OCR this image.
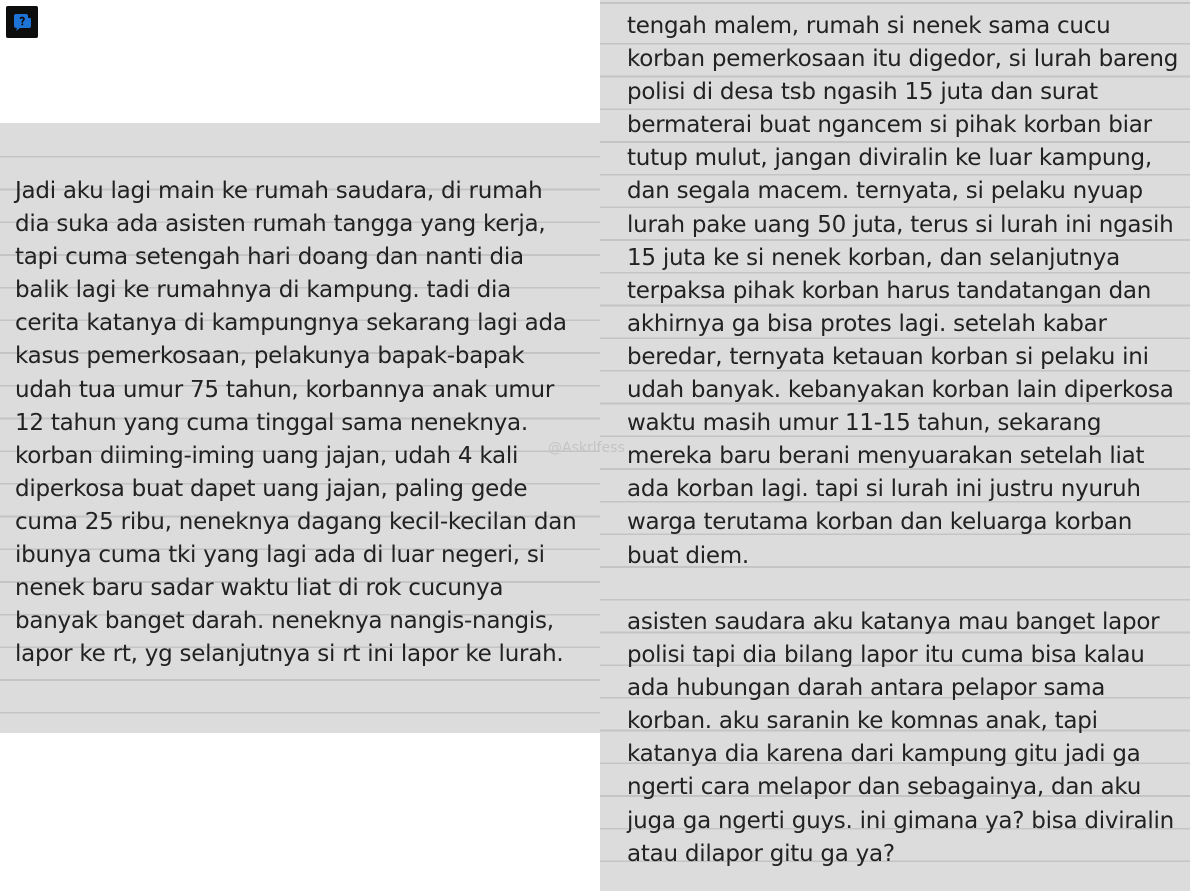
Jadi aku lagi main ke rumah saudara, di rumah
dia suka ada asisten rumah tangga yang kerja,
tapi cuma setengah hari doang dan nanti dia
balik lagi ke rumahnya di kampung. tadi dia
cerita katanya di kampungnya sekarang lagi ada
kasus pemerkosaan, pelakunya bapak-bapak
udah tua umur 75 tahun, korbannya anak umur
12 tahun yang cuma tinggal sama neneknya.
korban diiming-iming uang jajan, udah 4 kali
diperkosa buat dapet uang jajan, paling gede
cuma 25 ribu, neneknya dagang kecil-kecilan dan
ibunya cuma tki yang lagi ada di luar negeri, si
nenek baru sadar waktu liat di rok cucunya
banyak banget darah. neneknya nangis-nangis,
lapor ke rt, yg selanjutnya si rt ini lapor ke lurah.

tengah malem, rumah si nenek sama cucu
korban pemerkosaan itu digedor, si lurah bareng
polisi di desa tsb ngasih 15 juta dan surat
bermaterai buat ngancem si pihak korban biar
tutup mulut, jangan diviralin ke luar kampung,
dan segala macem. ternyata, si pelaku nyuap
lurah pake uang 50 juta, terus si lurah ini ngasih
15 juta ke si nenek korban, dan selanjutnya
terpaksa pihak korban harus tandatangan dan
akhirnya ga bisa protes lagi. setelah kabar
beredar, ternyata ketauan korban si pelaku ini
udah banyak. kebanyakan korban lain diperkosa
waktu masih umur 11-15 tahun, sekarang
mereka baru berani menyuarakan setelah liat
ada korban lagi. tapi si lurah ini justru nyuruh
warga terutama korban dan keluarga korban
buat diem.

asisten saudara aku katanya mau banget lapor
polisi tapi dia bilang lapor itu cuma bisa kalau
ada hubungan darah antara pelapor sama
korban. aku saranin ke komnas anak, tapi
katanya dia karena dari kampung gitu jadi ga
ngerti cara melapor dan sebagainya, dan aku
juga ga ngerti guys. ini gimana ya? bisa diviralin
atau dilapor gitu ga ya?

@Askrlfess
